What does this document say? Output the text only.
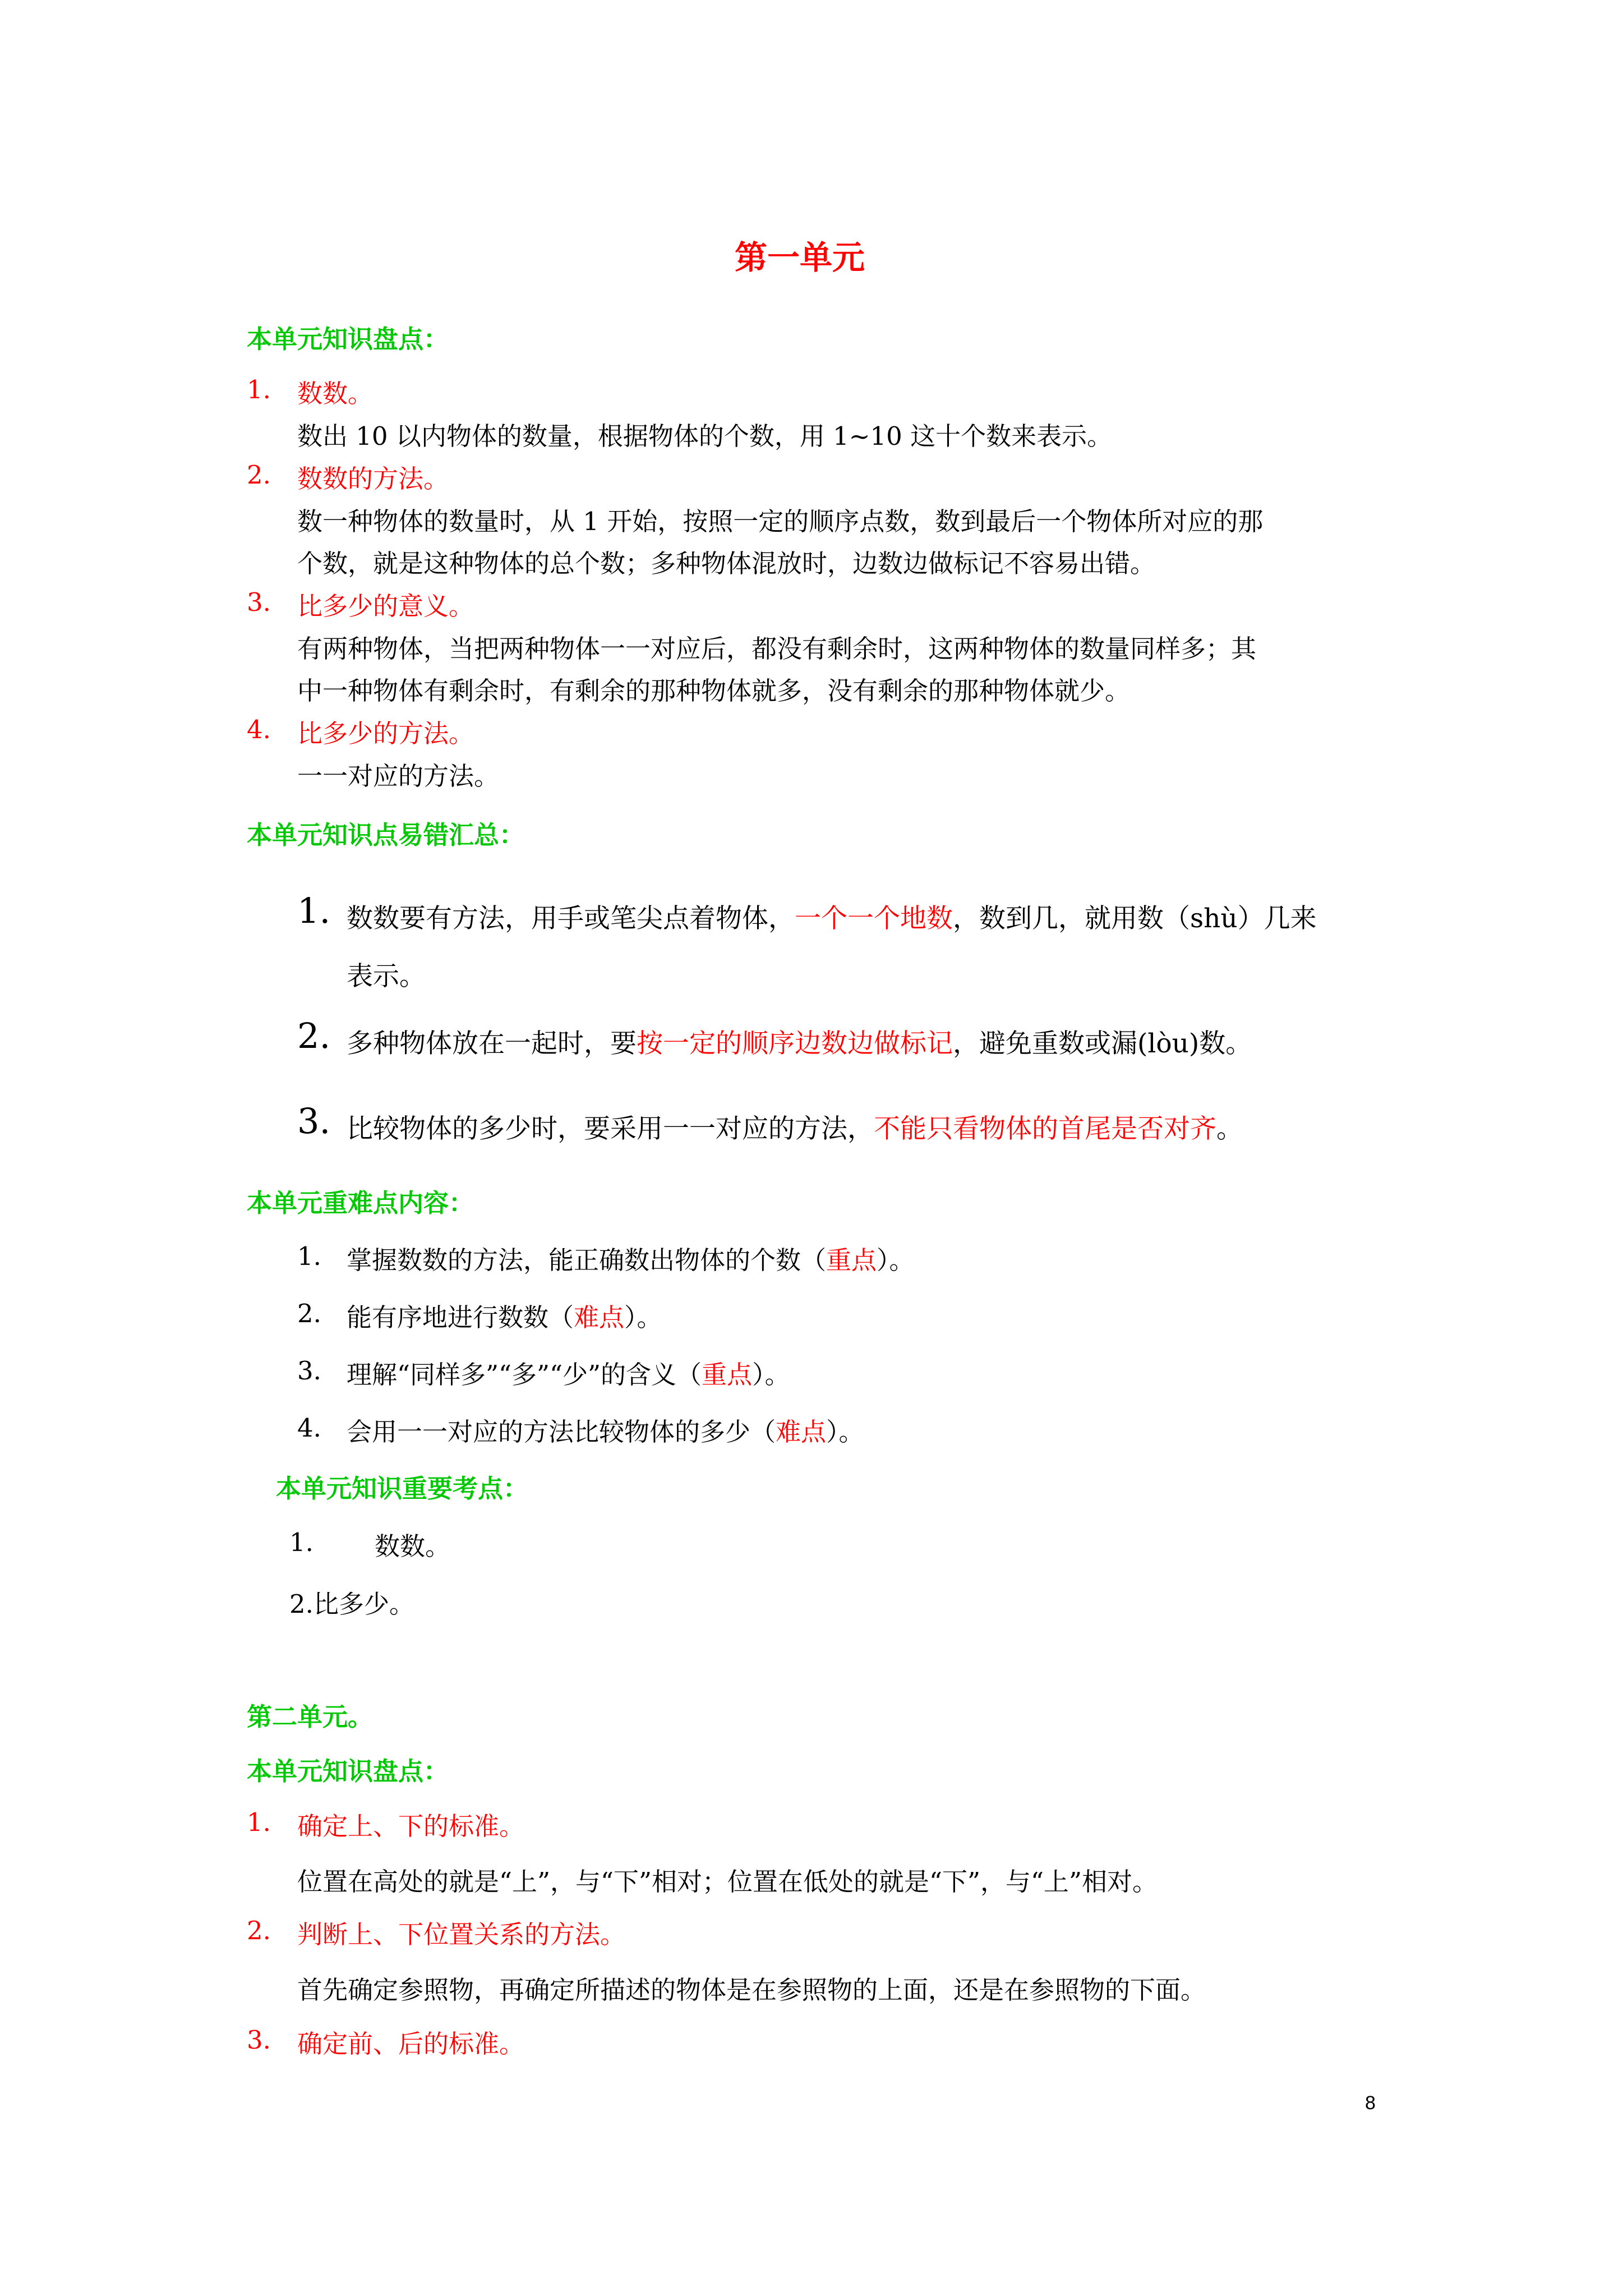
第一单元
本单元知识盘点：
1. 数数。
数出 10 以内物体的数量，根据物体的个数，用 1~10 这十个数来表示。
2. 数数的方法。
数一种物体的数量时，从 1 开始，按照一定的顺序点数，数到最后一个物体所对应的那
个数，就是这种物体的总个数；多种物体混放时，边数边做标记不容易出错。
3. 比多少的意义。
有两种物体，当把两种物体一一对应后，都没有剩余时，这两种物体的数量同样多；其
中一种物体有剩余时，有剩余的那种物体就多，没有剩余的那种物体就少。
4. 比多少的方法。
一一对应的方法。
本单元知识点易错汇总：
1. 数数要有方法，用手或笔尖点着物体，一个一个地数，数到几，就用数（shù）几来
表示。
2. 多种物体放在一起时，要按一定的顺序边数边做标记，避免重数或漏(lòu)数。
3. 比较物体的多少时，要采用一一对应的方法，不能只看物体的首尾是否对齐。
本单元重难点内容：
1. 掌握数数的方法，能正确数出物体的个数（重点）。
2. 能有序地进行数数（难点）。
3. 理解“同样多”“多”“少”的含义（重点）。
4. 会用一一对应的方法比较物体的多少（难点）。
本单元知识重要考点：
1. 数数。
2.比多少。
第二单元。
本单元知识盘点：
1. 确定上、下的标准。
位置在高处的就是“上”，与“下”相对；位置在低处的就是“下”，与“上”相对。
2. 判断上、下位置关系的方法。
首先确定参照物，再确定所描述的物体是在参照物的上面，还是在参照物的下面。
3. 确定前、后的标准。
8
